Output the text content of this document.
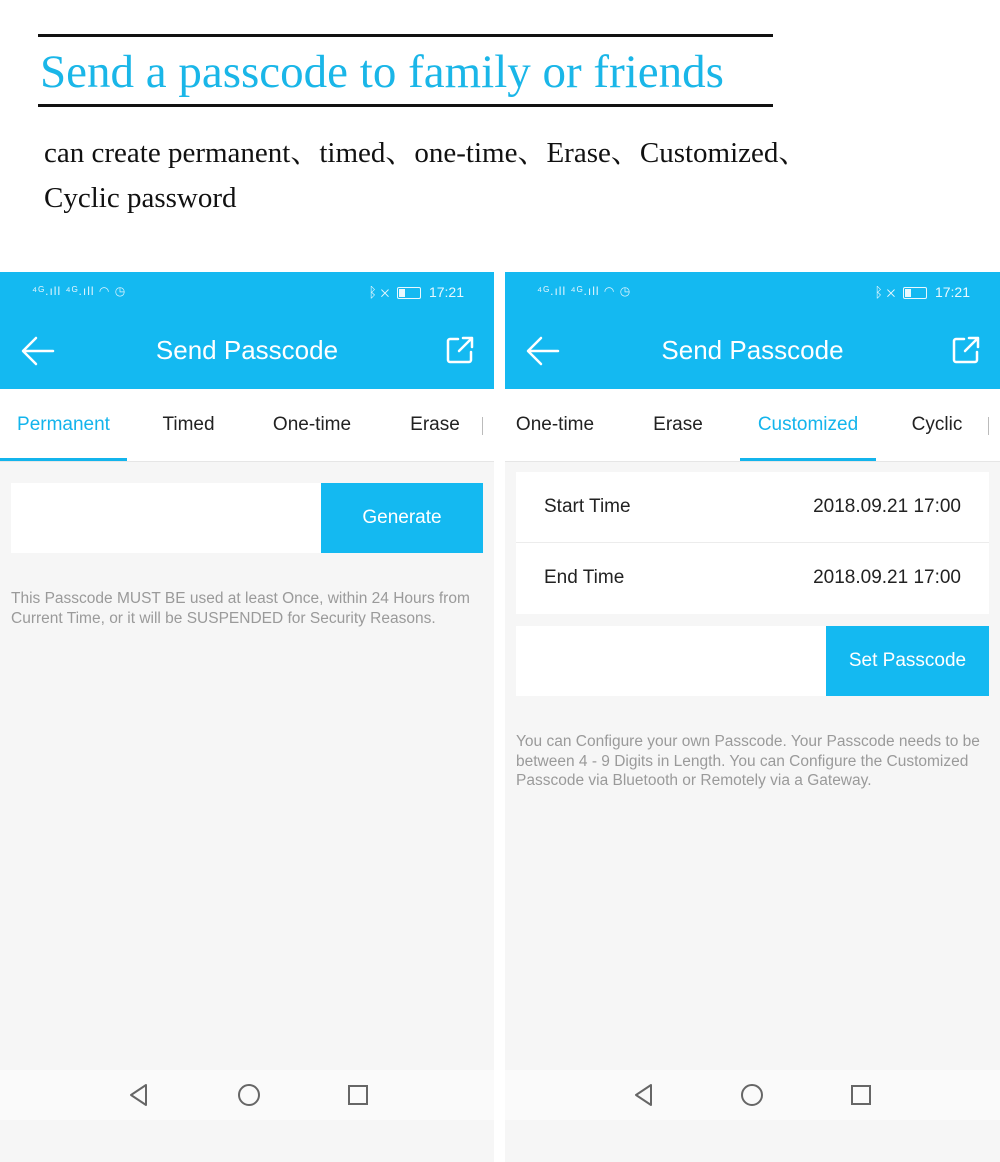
Send a passcode to family or friends
can create permanent、timed、one-time、Erase、Customized、
Cyclic password
⁴ᴳ.ıll ⁴ᴳ.ıll ◠ ◷	ᛒ ✕	17:21
Send Passcode
Permanent	Timed	One-time	Erase
Generate
This Passcode MUST BE used at least Once, within 24 Hours from Current Time, or it will be SUSPENDED for Security Reasons.
⁴ᴳ.ıll ⁴ᴳ.ıll ◠ ◷	ᛒ ✕	17:21
Send Passcode
One-time	Erase	Customized	Cyclic
Start Time	2018.09.21 17:00
End Time	2018.09.21 17:00
Set Passcode
You can Configure your own Passcode. Your Passcode needs to be between 4 - 9 Digits in Length. You can Configure the Customized Passcode via Bluetooth or Remotely via a Gateway.
